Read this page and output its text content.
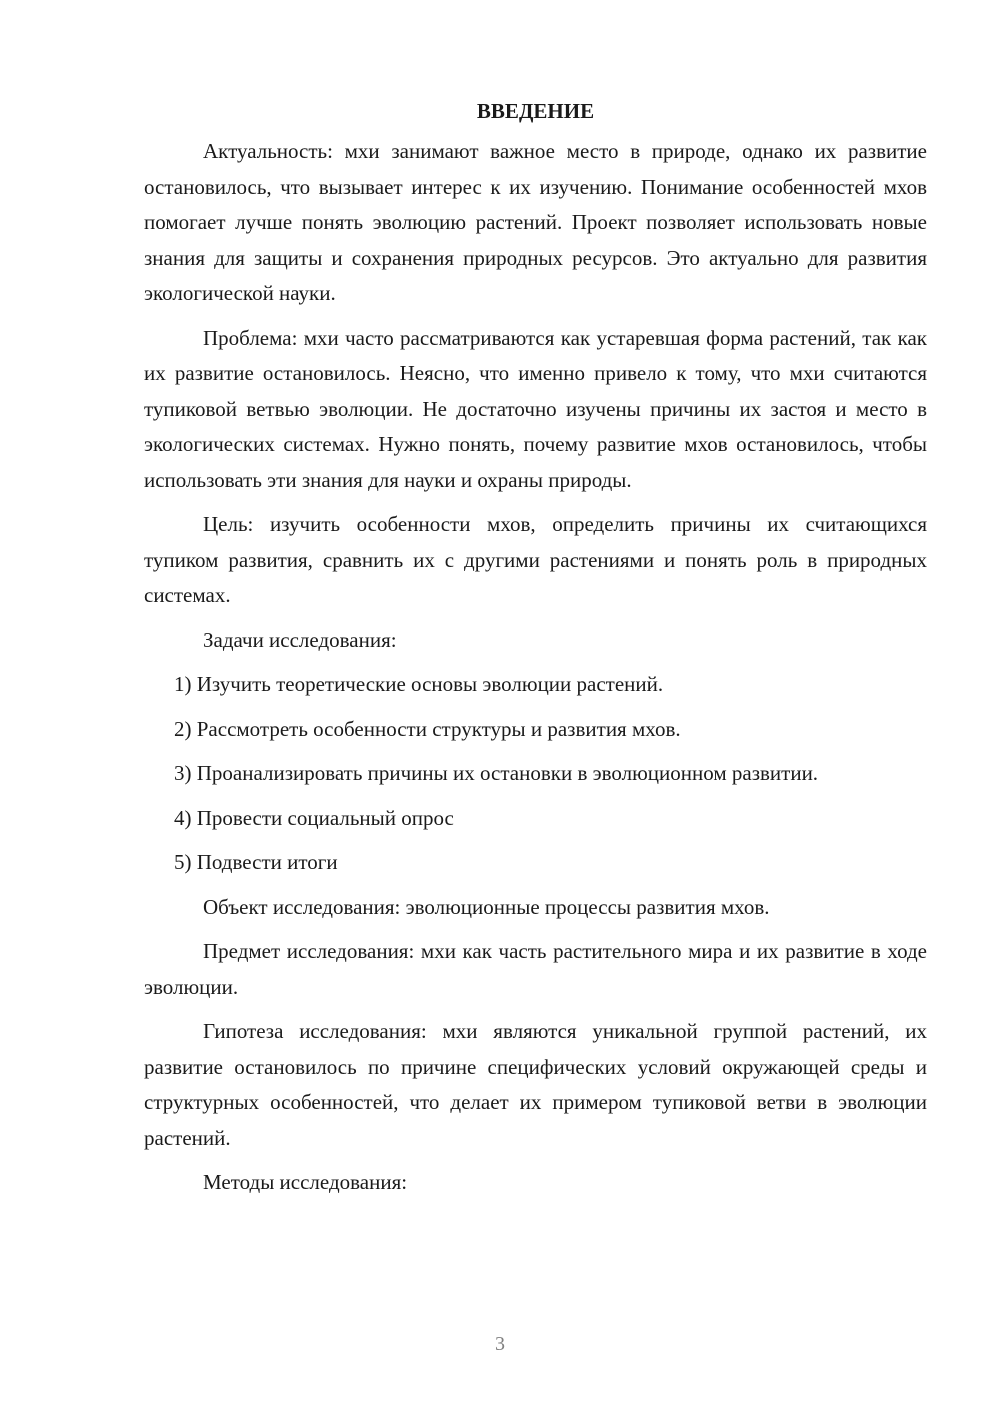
ВВЕДЕНИЕ

Актуальность: мхи занимают важное место в природе, однако их развитие остановилось, что вызывает интерес к их изучению. Понимание особенностей мхов помогает лучше понять эволюцию растений. Проект позволяет использовать новые знания для защиты и сохранения природных ресурсов. Это актуально для развития экологической науки.

Проблема: мхи часто рассматриваются как устаревшая форма растений, так как их развитие остановилось. Неясно, что именно привело к тому, что мхи считаются тупиковой ветвью эволюции. Не достаточно изучены причины их застоя и место в экологических системах. Нужно понять, почему развитие мхов остановилось, чтобы использовать эти знания для науки и охраны природы.

Цель: изучить особенности мхов, определить причины их считающихся тупиком развития, сравнить их с другими растениями и понять роль в природных системах.

Задачи исследования:

1) Изучить теоретические основы эволюции растений.

2) Рассмотреть особенности структуры и развития мхов.

3) Проанализировать причины их остановки в эволюционном развитии.

4) Провести социальный опрос

5) Подвести итоги

Объект исследования: эволюционные процессы развития мхов.

Предмет исследования: мхи как часть растительного мира и их развитие в ходе эволюции.

Гипотеза исследования: мхи являются уникальной группой растений, их развитие остановилось по причине специфических условий окружающей среды и структурных особенностей, что делает их примером тупиковой ветви в эволюции растений.

Методы исследования:

3
